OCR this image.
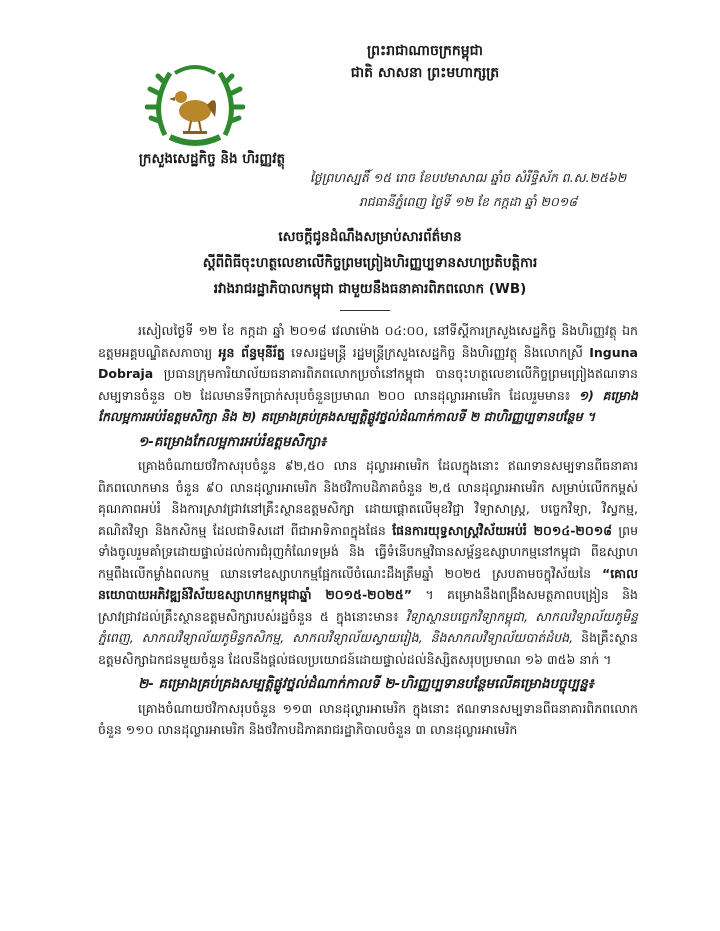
ព្រះរាជាណាចក្រកម្ពុជា
ជាតិ សាសនា ព្រះមហាក្សត្រ
ក្រសួងសេដ្ឋកិច្ច និង ហិរញ្ញវត្ថុ
ថ្ងៃព្រហស្បតិ៍ ១៥ រោច ខែបឋមាសាឍ ឆ្នាំច សំរឹទ្ធិស័ក ព.ស.២៥៦២
រាជធានីភ្នំពេញ ថ្ងៃទី ១២ ខែ កក្កដា ឆ្នាំ ២០១៨
សេចក្តីជូនដំណឹងសម្រាប់សារព័ត៌មាន
ស្តីពីពិធីចុះហត្ថលេខាលើកិច្ចព្រមព្រៀងហិរញ្ញប្បទានសហប្រតិបត្តិការ
រវាងរាជរដ្ឋាភិបាលកម្ពុជា ជាមួយនឹងធនាគារពិភពលោក (WB)

រសៀលថ្ងៃទី ១២ ខែ កក្កដា ឆ្នាំ ២០១៨ វេលាម៉ោង ០៤:០០, នៅទីស្តីការក្រសួងសេដ្ឋកិច្ច និងហិរញ្ញវត្ថុ ឯកឧត្តមអគ្គបណ្ឌិតសភាចារ្យ អូន ព័ន្ធមុនីរ័ត្ន ទេសរដ្ឋមន្ត្រី រដ្ឋមន្ត្រីក្រសួងសេដ្ឋកិច្ច និងហិរញ្ញវត្ថុ និងលោកស្រី Inguna Dobraja ប្រធានក្រុមការិយាល័យធនាគារពិភពលោកប្រចាំនៅកម្ពុជា បានចុះហត្ថលេខាលើកិច្ចព្រមព្រៀងឥណទានសម្បទានចំនួន ០២ ដែលមានទឹកប្រាក់សរុបចំនួនប្រមាណ ២០០ លានដុល្លារអាមេរិក ដែលរួមមាន៖ ១) គម្រោងកែលម្អការអប់រំឧត្តមសិក្សា និង ២) គម្រោងគ្រប់គ្រងសម្បត្តិផ្លូវថ្នល់ដំណាក់កាលទី ២ ជាហិរញ្ញប្បទានបន្ថែម ។

១-គម្រោងកែលម្អការអប់រំឧត្តមសិក្សា៖

គ្រោងចំណាយថវិកាសរុបចំនួន ៩២,៥០ លាន ដុល្លារអាមេរិក ដែលក្នុងនោះ ឥណទានសម្បទានពីធនាគារពិភពលោកមាន ចំនួន ៩០ លានដុល្លារអាមេរិក និងថវិកាបដិភាគចំនួន ២,៥ លានដុល្លារអាមេរិក សម្រាប់លើកកម្ពស់គុណភាពអប់រំ និងការស្រាវជ្រាវនៅគ្រឹះស្ថានឧត្តមសិក្សា ដោយផ្តោតលើមុខវិជ្ជា វិទ្យាសាស្ត្រ, បច្ចេកវិទ្យា, វិស្វកម្ម, គណិតវិទ្យា និងកសិកម្ម ដែលជាទិសដៅ ពីជាអាទិភាពក្នុងផែន ផែនការយុទ្ធសាស្ត្រវិស័យអប់រំ ២០១៤-២០១៨ ព្រមទាំងចូលរួមគាំទ្រដោយផ្ទាល់ដល់ការជំរុញកំណែទម្រង់ និង ធ្វើទំនើបកម្មវិធានសម្ព័ន្ធឧស្សាហកម្មនៅកម្ពុជា ពីឧស្សាហកម្មពឹងលើកម្លាំងពលកម្ម ឈានទៅឧស្សាហកម្មផ្អែកលើចំណេះដឹងត្រឹមឆ្នាំ ២០២៥ ស្របតាមចក្ខុវិស័យនៃ “គោលនយោបាយអភិវឌ្ឍន៍វិស័យឧស្សាហកម្មកម្ពុជាឆ្នាំ ២០១៥-២០២៥” ។ គម្រោងនឹងពង្រឹងសមត្ថភាពបង្រៀន និងស្រាវជ្រាវដល់គ្រឹះស្ថានឧត្តមសិក្សារបស់រដ្ឋចំនួន ៥ ក្នុងនោះមាន៖ វិទ្យាស្ថានបច្ចេកវិទ្យាកម្ពុជា, សាកលវិទ្យាល័យភូមិន្ទភ្នំពេញ, សាកលវិទ្យាល័យភូមិន្ទកសិកម្ម, សាកលវិទ្យាល័យស្វាយរៀង, និងសាកលវិទ្យាល័យបាត់ដំបង, និងគ្រឹះស្ថានឧត្តមសិក្សាឯកជនមួយចំនួន ដែលនឹងផ្តល់ផលប្រយោជន៍ដោយផ្ទាល់ដល់និស្សិតសរុបប្រមាណ ១៦ ៣៥៦ នាក់ ។

២- គម្រោងគ្រប់គ្រងសម្បត្តិផ្លូវថ្នល់ដំណាក់កាលទី ២-ហិរញ្ញប្បទានបន្ថែមលើគម្រោងបច្ចុប្បន្ន៖

គ្រោងចំណាយថវិកាសរុបចំនួន ១១៣ លានដុល្លារអាមេរិក ក្នុងនោះ ឥណទានសម្បទានពីធនាគារពិភពលោក ចំនួន ១១០ លានដុល្លារអាមេរិក និងថវិកាបដិភាគរាជរដ្ឋាភិបាលចំនួន ៣ លានដុល្លារអាមេរិក
